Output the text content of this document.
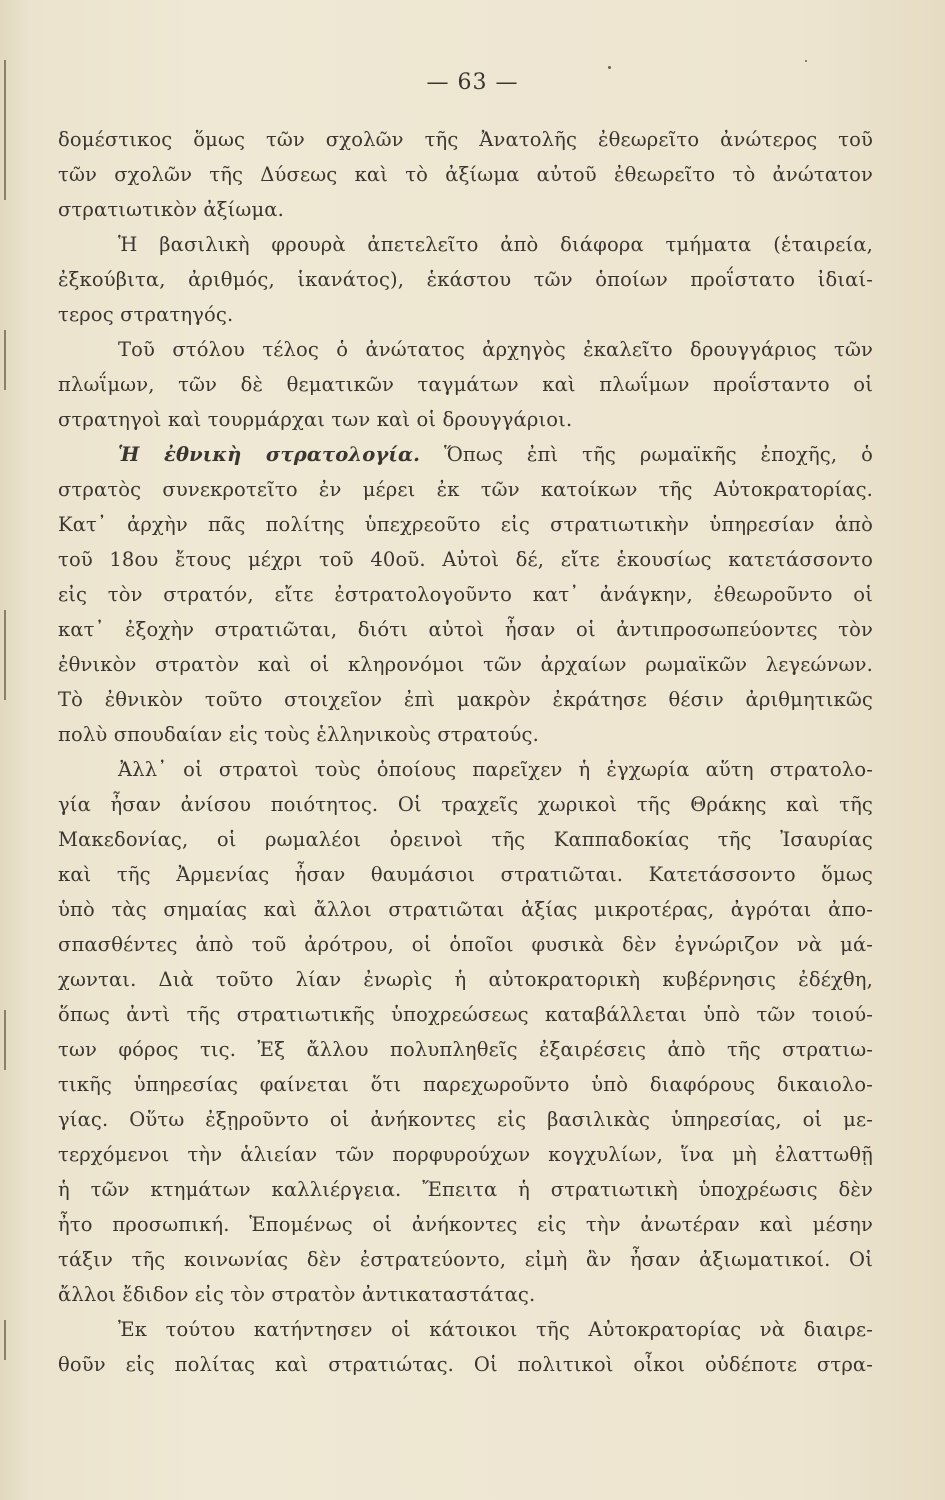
— 63 —
δομέστικος ὅμως τῶν σχολῶν τῆς Ἀνατολῆς ἐθεωρεῖτο ἀνώτερος τοῦ
τῶν σχολῶν τῆς Δύσεως καὶ τὸ ἀξίωμα αὐτοῦ ἐθεωρεῖτο τὸ ἀνώτατον
στρατιωτικὸν ἀξίωμα.
Ἡ βασιλικὴ φρουρὰ ἀπετελεῖτο ἀπὸ διάφορα τμήματα (ἑταιρεία,
ἐξκούβιτα, ἀριθμός, ἱκανάτος), ἑκάστου τῶν ὁποίων προΐστατο ἰδιαί-
τερος στρατηγός.
Τοῦ στόλου τέλος ὁ ἀνώτατος ἀρχηγὸς ἐκαλεῖτο δρουγγάριος τῶν
πλωΐμων, τῶν δὲ θεματικῶν ταγμάτων καὶ πλωΐμων προΐσταντο οἱ
στρατηγοὶ καὶ τουρμάρχαι των καὶ οἱ δρουγγάριοι.
Ἡ ἐθνικὴ στρατολογία. Ὅπως ἐπὶ τῆς ρωμαϊκῆς ἐποχῆς, ὁ
στρατὸς συνεκροτεῖτο ἐν μέρει ἐκ τῶν κατοίκων τῆς Αὐτοκρατορίας.
Κατ᾽ ἀρχὴν πᾶς πολίτης ὑπεχρεοῦτο εἰς στρατιωτικὴν ὑπηρεσίαν ἀπὸ
τοῦ 18ου ἔτους μέχρι τοῦ 40οῦ. Αὐτοὶ δέ, εἴτε ἑκουσίως κατετάσσοντο
εἰς τὸν στρατόν, εἴτε ἐστρατολογοῦντο κατ᾽ ἀνάγκην, ἐθεωροῦντο οἱ
κατ᾽ ἐξοχὴν στρατιῶται, διότι αὐτοὶ ἦσαν οἱ ἀντιπροσωπεύοντες τὸν
ἐθνικὸν στρατὸν καὶ οἱ κληρονόμοι τῶν ἀρχαίων ρωμαϊκῶν λεγεώνων.
Τὸ ἐθνικὸν τοῦτο στοιχεῖον ἐπὶ μακρὸν ἐκράτησε θέσιν ἀριθμητικῶς
πολὺ σπουδαίαν εἰς τοὺς ἑλληνικοὺς στρατούς.
Ἀλλ᾽ οἱ στρατοὶ τοὺς ὁποίους παρεῖχεν ἡ ἐγχωρία αὕτη στρατολο-
γία ἦσαν ἀνίσου ποιότητος. Οἱ τραχεῖς χωρικοὶ τῆς Θράκης καὶ τῆς
Μακεδονίας, οἱ ρωμαλέοι ὀρεινοὶ τῆς Καππαδοκίας τῆς Ἰσαυρίας
καὶ τῆς Ἀρμενίας ἦσαν θαυμάσιοι στρατιῶται. Κατετάσσοντο ὅμως
ὑπὸ τὰς σημαίας καὶ ἄλλοι στρατιῶται ἀξίας μικροτέρας, ἀγρόται ἀπο-
σπασθέντες ἀπὸ τοῦ ἀρότρου, οἱ ὁποῖοι φυσικὰ δὲν ἐγνώριζον νὰ μά-
χωνται. Διὰ τοῦτο λίαν ἐνωρὶς ἡ αὐτοκρατορικὴ κυβέρνησις ἐδέχθη,
ὅπως ἀντὶ τῆς στρατιωτικῆς ὑποχρεώσεως καταβάλλεται ὑπὸ τῶν τοιού-
των φόρος τις. Ἐξ ἄλλου πολυπληθεῖς ἐξαιρέσεις ἀπὸ τῆς στρατιω-
τικῆς ὑπηρεσίας φαίνεται ὅτι παρεχωροῦντο ὑπὸ διαφόρους δικαιολο-
γίας. Οὕτω ἐξῃροῦντο οἱ ἀνήκοντες εἰς βασιλικὰς ὑπηρεσίας, οἱ με-
τερχόμενοι τὴν ἁλιείαν τῶν πορφυρούχων κογχυλίων, ἵνα μὴ ἐλαττωθῇ
ἡ τῶν κτημάτων καλλιέργεια. Ἔπειτα ἡ στρατιωτικὴ ὑποχρέωσις δὲν
ἦτο προσωπική. Ἑπομένως οἱ ἀνήκοντες εἰς τὴν ἀνωτέραν καὶ μέσην
τάξιν τῆς κοινωνίας δὲν ἐστρατεύοντο, εἰμὴ ἂν ἦσαν ἀξιωματικοί. Οἱ
ἄλλοι ἔδιδον εἰς τὸν στρατὸν ἀντικαταστάτας.
Ἐκ τούτου κατήντησεν οἱ κάτοικοι τῆς Αὐτοκρατορίας νὰ διαιρε-
θοῦν εἰς πολίτας καὶ στρατιώτας. Οἱ πολιτικοὶ οἶκοι οὐδέποτε στρα-
